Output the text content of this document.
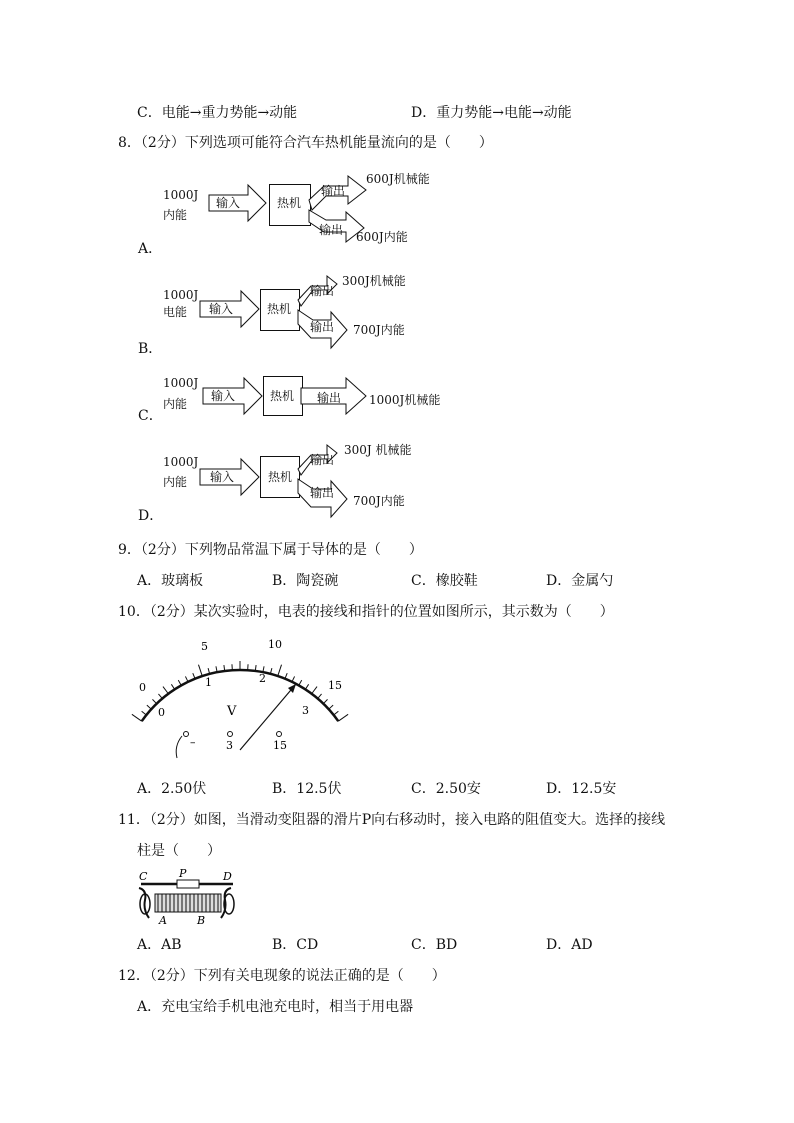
C．电能→重力势能→动能	D．重力势能→电能→动能
8．（2分）下列选项可能符合汽车热机能量流向的是（　　）
1000J
内能
输入	热机
输出
输出
600J机械能
600J内能
A．
1000J
电能 输入	热机
输出
输出
300J机械能
700J内能
B．
1000J
内能
输入	热机 输出 1000J机械能
C．
1000J
内能 输入	热机
输出
输出
300J 机械能
700J内能
D．
9．（2分）下列物品常温下属于导体的是（　　）
A．玻璃板	B．陶瓷碗	C．橡胶鞋	D．金属勺
10．（2分）某次实验时，电表的接线和指针的位置如图所示，其示数为（　　）
0
5	10
15
0
1	2
3
V
–	3	15
A．2.50伏	B．12.5伏	C．2.50安	D．12.5安
11．（2分）如图，当滑动变阻器的滑片P向右移动时，接入电路的阻值变大。选择的接线
柱是（　　）
C	P	D
A	B
A．AB	B．CD	C．BD	D．AD
12．（2分）下列有关电现象的说法正确的是（　　）
A．充电宝给手机电池充电时，相当于用电器
